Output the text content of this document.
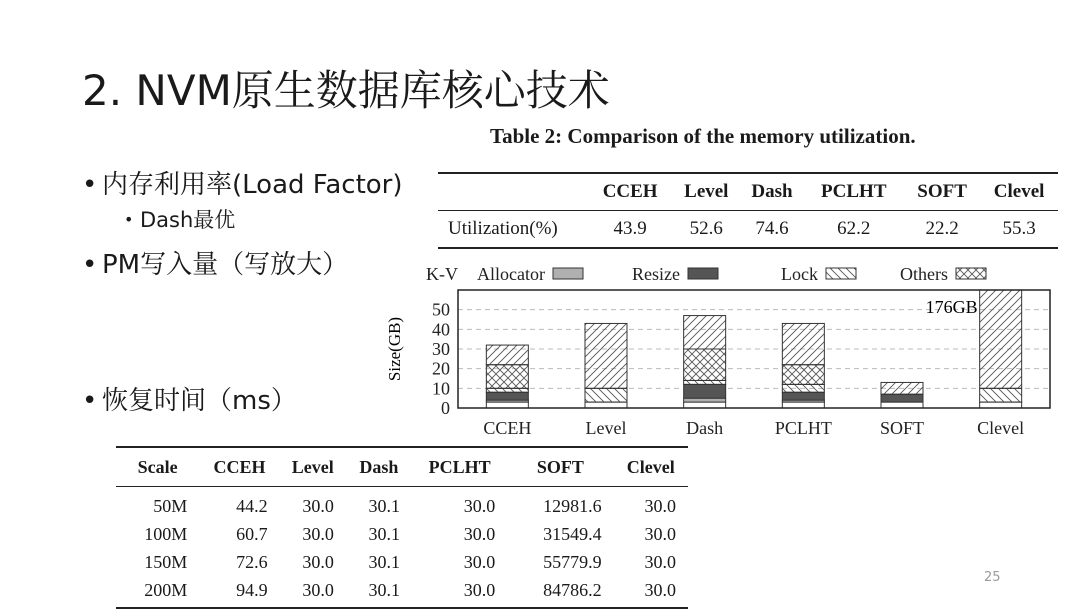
2. NVM原生数据库核心技术
• 内存利用率(Load Factor)
• Dash最优
• PM写入量（写放大）
• 恢复时间（ms）
Table 2: Comparison of the memory utilization.
	CCEH	Level	Dash	PCLHT	SOFT	Clevel
Utilization(%)	43.9	52.6	74.6	62.2	22.2	55.3
K-V Allocator	Resize	Lock	Others
0
10
20
30
40
50
CCEH	Level	Dash	PCLHT	SOFT	Clevel
Size(GB)
176GB
Scale	CCEH	Level	Dash	PCLHT	SOFT	Clevel
50M	44.2	30.0	30.1	30.0	12981.6	30.0
100M	60.7	30.0	30.1	30.0	31549.4	30.0
150M	72.6	30.0	30.1	30.0	55779.9	30.0
200M	94.9	30.0	30.1	30.0	84786.2	30.0
25
